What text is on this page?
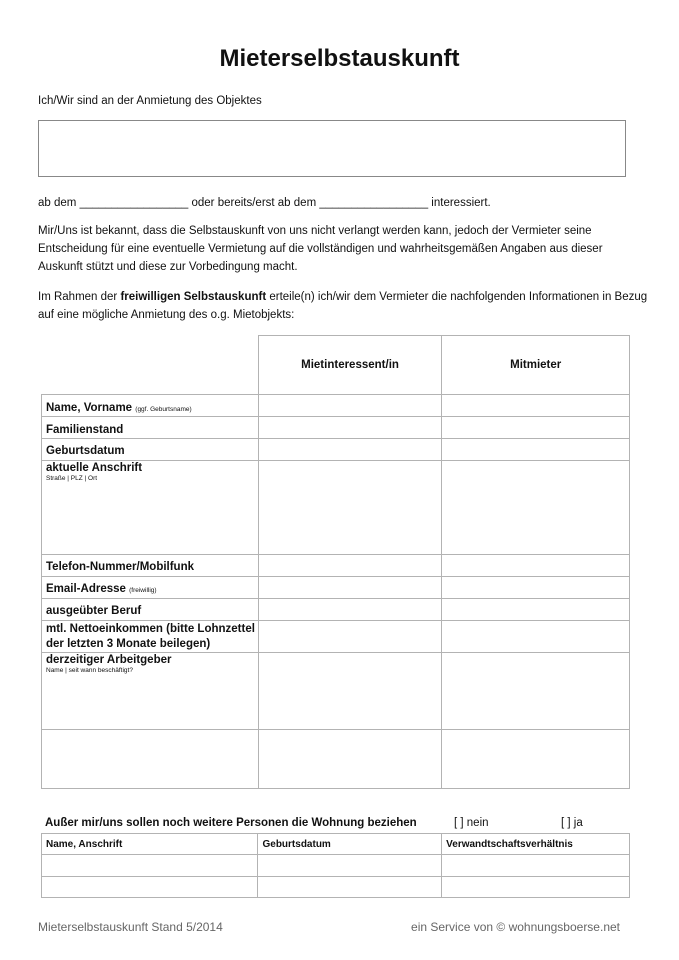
Mieterselbstauskunft
Ich/Wir sind an der Anmietung des Objektes
ab dem _________________ oder bereits/erst ab dem _________________ interessiert.
Mir/Uns ist bekannt, dass die Selbstauskunft von uns nicht verlangt werden kann, jedoch der Vermieter seine Entscheidung für eine eventuelle Vermietung auf die vollständigen und wahrheitsgemäßen Angaben aus dieser Auskunft stützt und diese zur Vorbedingung macht.
Im Rahmen der freiwilligen Selbstauskunft erteile(n) ich/wir dem Vermieter die nachfolgenden Informationen in Bezug auf eine mögliche Anmietung des o.g. Mietobjekts:
	Mietinteressent/in	Mitmieter
Name, Vorname (ggf. Geburtsname)		

Familienstand		

Geburtsdatum		

aktuelle Anschrift
Straße | PLZ | Ort		

Telefon-Nummer/Mobilfunk		

Email-Adresse (freiwillig)		

ausgeübter Beruf		

mtl. Nettoeinkommen (bitte Lohnzettel der letzten 3 Monate beilegen)		

derzeitiger Arbeitgeber
Name | seit wann beschäftigt?		

Außer mir/uns sollen noch weitere Personen die Wohnung beziehen	[ ] nein	[ ] ja
Name, Anschrift	Geburtsdatum	Verwandtschaftsverhältnis

Mieterselbstauskunft Stand 5/2014	ein Service von © wohnungsboerse.net
